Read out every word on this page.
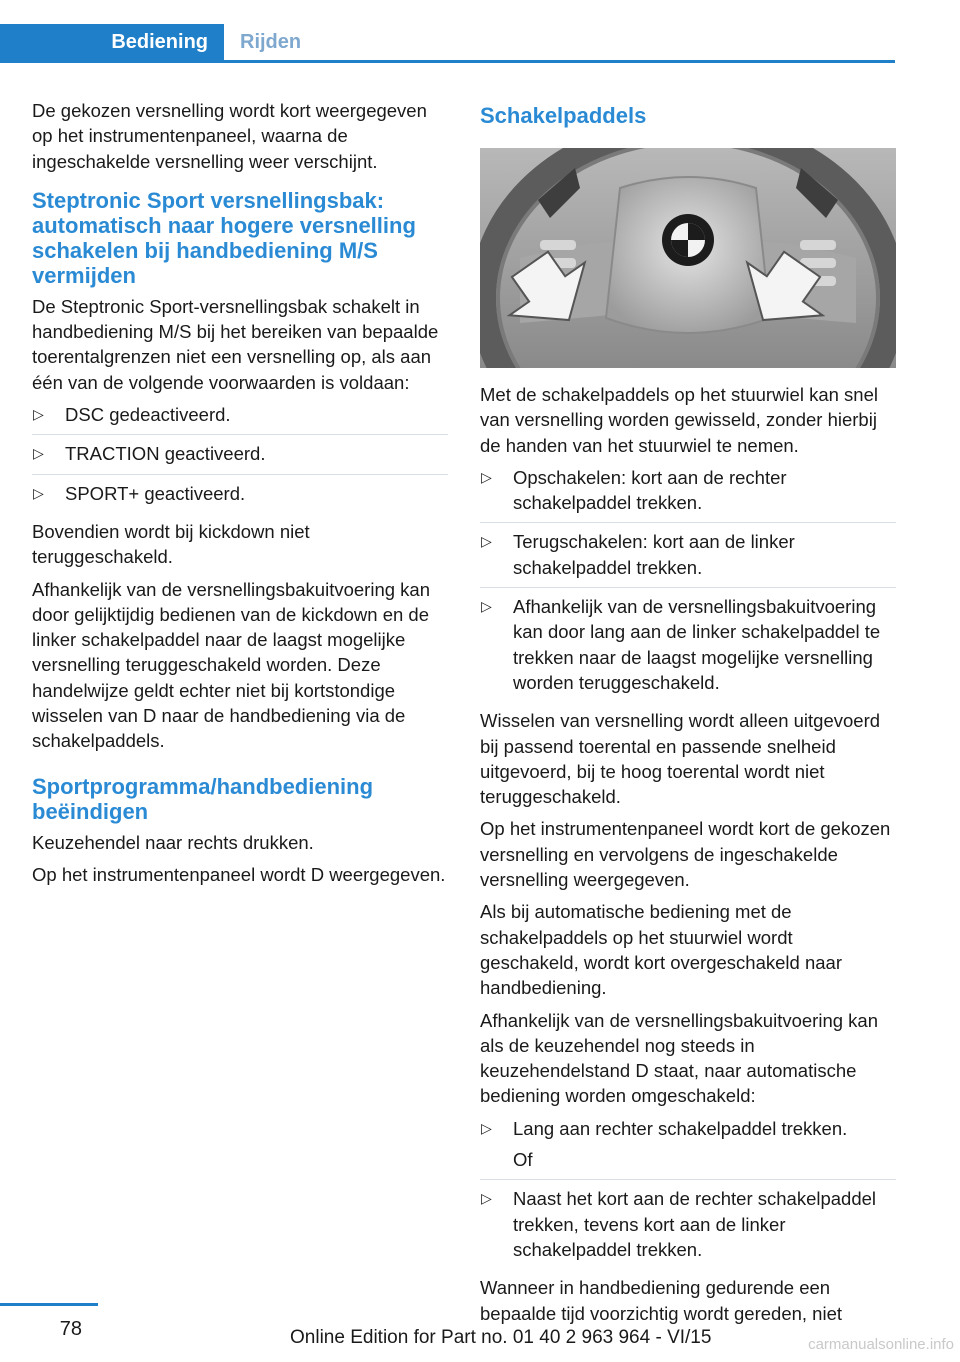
Bediening	Rijden

De gekozen versnelling wordt kort weergegeven op het instrumentenpaneel, waarna de ingeschakelde versnelling weer verschijnt.

Steptronic Sport versnellingsbak: automatisch naar hogere versnelling schakelen bij handbediening M/S vermijden

De Steptronic Sport-versnellingsbak schakelt in handbediening M/S bij het bereiken van bepaalde toerentalgrenzen niet een versnelling op, als aan één van de volgende voorwaarden is voldaan:

▷ DSC gedeactiveerd.
▷ TRACTION geactiveerd.
▷ SPORT+ geactiveerd.

Bovendien wordt bij kickdown niet teruggeschakeld.

Afhankelijk van de versnellingsbakuitvoering kan door gelijktijdig bedienen van de kickdown en de linker schakelpaddel naar de laagst mogelijke versnelling teruggeschakeld worden. Deze handelwijze geldt echter niet bij kortstondige wisselen van D naar de handbediening via de schakelpaddels.

Sportprogramma/handbediening beëindigen

Keuzehendel naar rechts drukken.

Op het instrumentenpaneel wordt D weergegeven.

Schakelpaddels

Met de schakelpaddels op het stuurwiel kan snel van versnelling worden gewisseld, zonder hierbij de handen van het stuurwiel te nemen.

▷ Opschakelen: kort aan de rechter schakelpaddel trekken.
▷ Terugschakelen: kort aan de linker schakelpaddel trekken.
▷ Afhankelijk van de versnellingsbakuitvoering kan door lang aan de linker schakelpaddel te trekken naar de laagst mogelijke versnelling worden teruggeschakeld.

Wisselen van versnelling wordt alleen uitgevoerd bij passend toerental en passende snelheid uitgevoerd, bij te hoog toerental wordt niet teruggeschakeld.

Op het instrumentenpaneel wordt kort de gekozen versnelling en vervolgens de ingeschakelde versnelling weergegeven.

Als bij automatische bediening met de schakelpaddels op het stuurwiel wordt geschakeld, wordt kort overgeschakeld naar handbediening.

Afhankelijk van de versnellingsbakuitvoering kan als de keuzehendel nog steeds in keuzehendelstand D staat, naar automatische bediening worden omgeschakeld:

▷ Lang aan rechter schakelpaddel trekken.
Of
▷ Naast het kort aan de rechter schakelpaddel trekken, tevens kort aan de linker schakelpaddel trekken.

Wanneer in handbediening gedurende een bepaalde tijd voorzichtig wordt gereden, niet

78	Online Edition for Part no. 01 40 2 963 964 - VI/15	carmanualsonline.info
